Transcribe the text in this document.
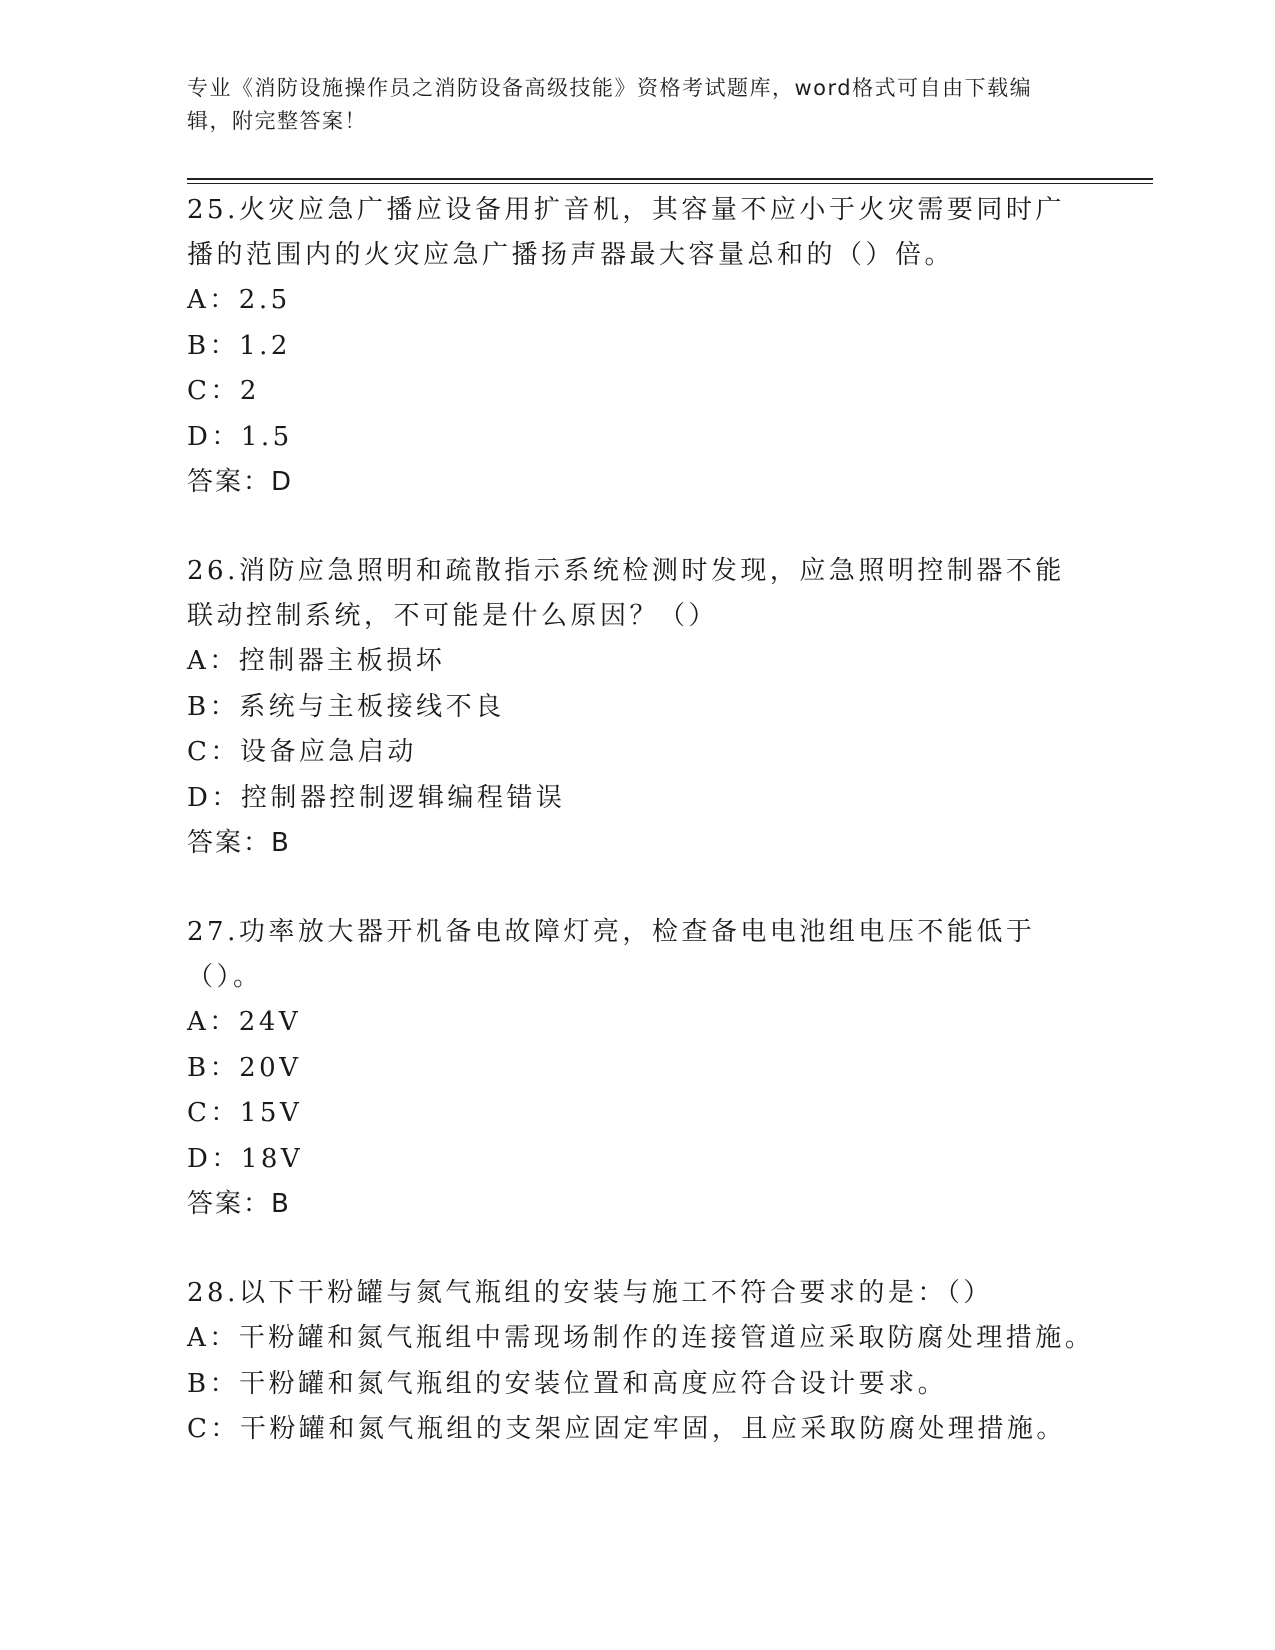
专业《消防设施操作员之消防设备高级技能》资格考试题库，word格式可自由下载编辑，附完整答案！

25.火灾应急广播应设备用扩音机，其容量不应小于火灾需要同时广播的范围内的火灾应急广播扬声器最大容量总和的（）倍。

A：2.5

B：1.2

C：2

D：1.5

答案：D

26.消防应急照明和疏散指示系统检测时发现，应急照明控制器不能联动控制系统，不可能是什么原因？（）

A：控制器主板损坏

B：系统与主板接线不良

C：设备应急启动

D：控制器控制逻辑编程错误

答案：B

27.功率放大器开机备电故障灯亮，检查备电电池组电压不能低于（）。

A：24V

B：20V

C：15V

D：18V

答案：B

28.以下干粉罐与氮气瓶组的安装与施工不符合要求的是：（）

A：干粉罐和氮气瓶组中需现场制作的连接管道应采取防腐处理措施。

B：干粉罐和氮气瓶组的安装位置和高度应符合设计要求。

C：干粉罐和氮气瓶组的支架应固定牢固，且应采取防腐处理措施。
